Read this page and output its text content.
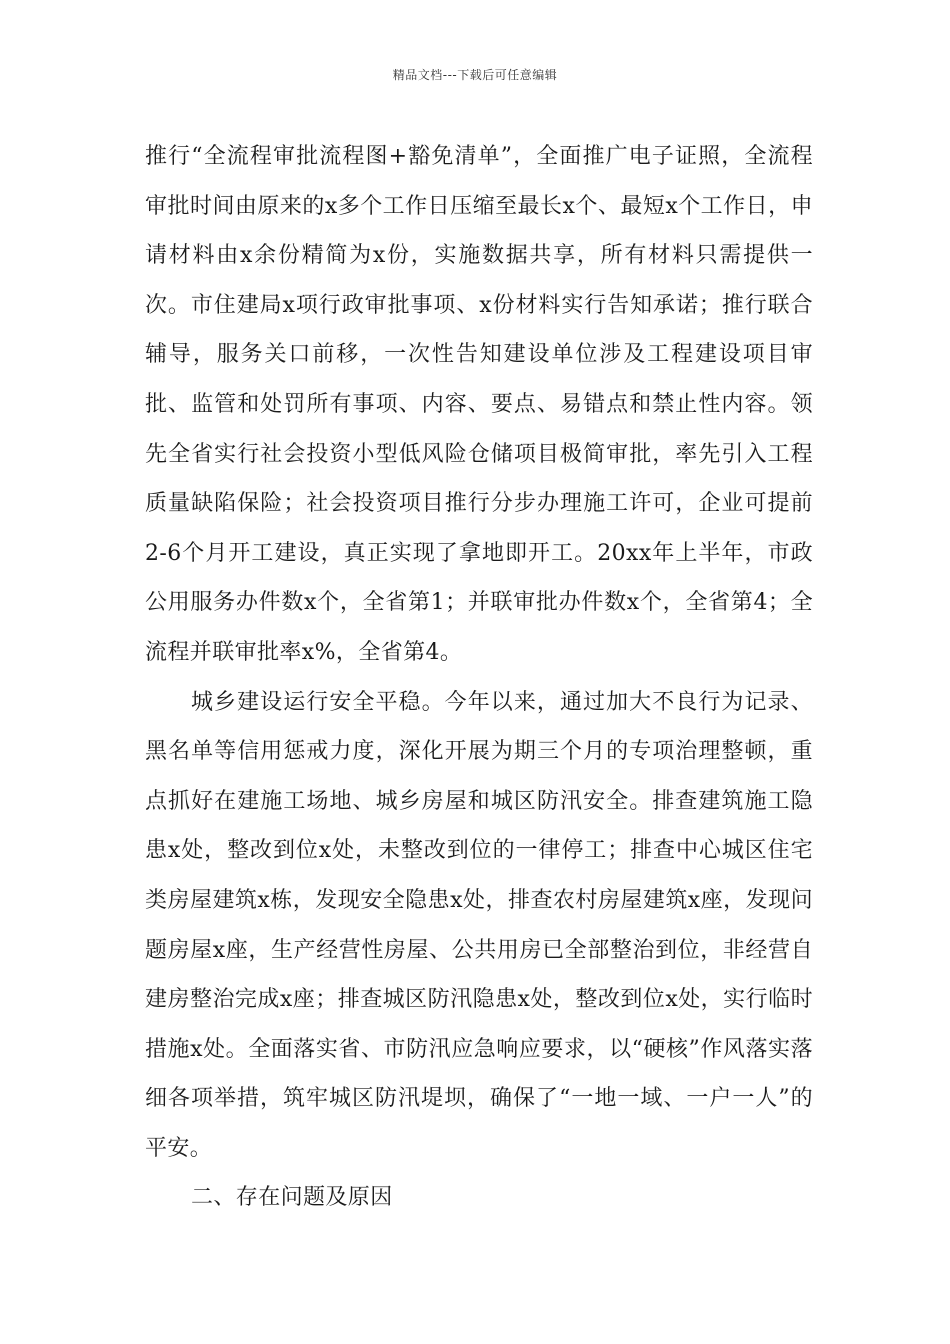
精品文档---下载后可任意编辑

推行“全流程审批流程图+豁免清单”，全面推广电子证照，全流程审批时间由原来的x多个工作日压缩至最长x个、最短x个工作日，申请材料由x余份精简为x份，实施数据共享，所有材料只需提供一次。市住建局x项行政审批事项、x份材料实行告知承诺；推行联合辅导，服务关口前移，一次性告知建设单位涉及工程建设项目审批、监管和处罚所有事项、内容、要点、易错点和禁止性内容。领先全省实行社会投资小型低风险仓储项目极简审批，率先引入工程质量缺陷保险；社会投资项目推行分步办理施工许可，企业可提前2-6个月开工建设，真正实现了拿地即开工。20xx年上半年，市政公用服务办件数x个，全省第1；并联审批办件数x个，全省第4；全流程并联审批率x%，全省第4。

城乡建设运行安全平稳。今年以来，通过加大不良行为记录、黑名单等信用惩戒力度，深化开展为期三个月的专项治理整顿，重点抓好在建施工场地、城乡房屋和城区防汛安全。排查建筑施工隐患x处，整改到位x处，未整改到位的一律停工；排查中心城区住宅类房屋建筑x栋，发现安全隐患x处，排查农村房屋建筑x座，发现问题房屋x座，生产经营性房屋、公共用房已全部整治到位，非经营自建房整治完成x座；排查城区防汛隐患x处，整改到位x处，实行临时措施x处。全面落实省、市防汛应急响应要求，以“硬核”作风落实落细各项举措，筑牢城区防汛堤坝，确保了“一地一域、一户一人”的平安。

二、存在问题及原因
